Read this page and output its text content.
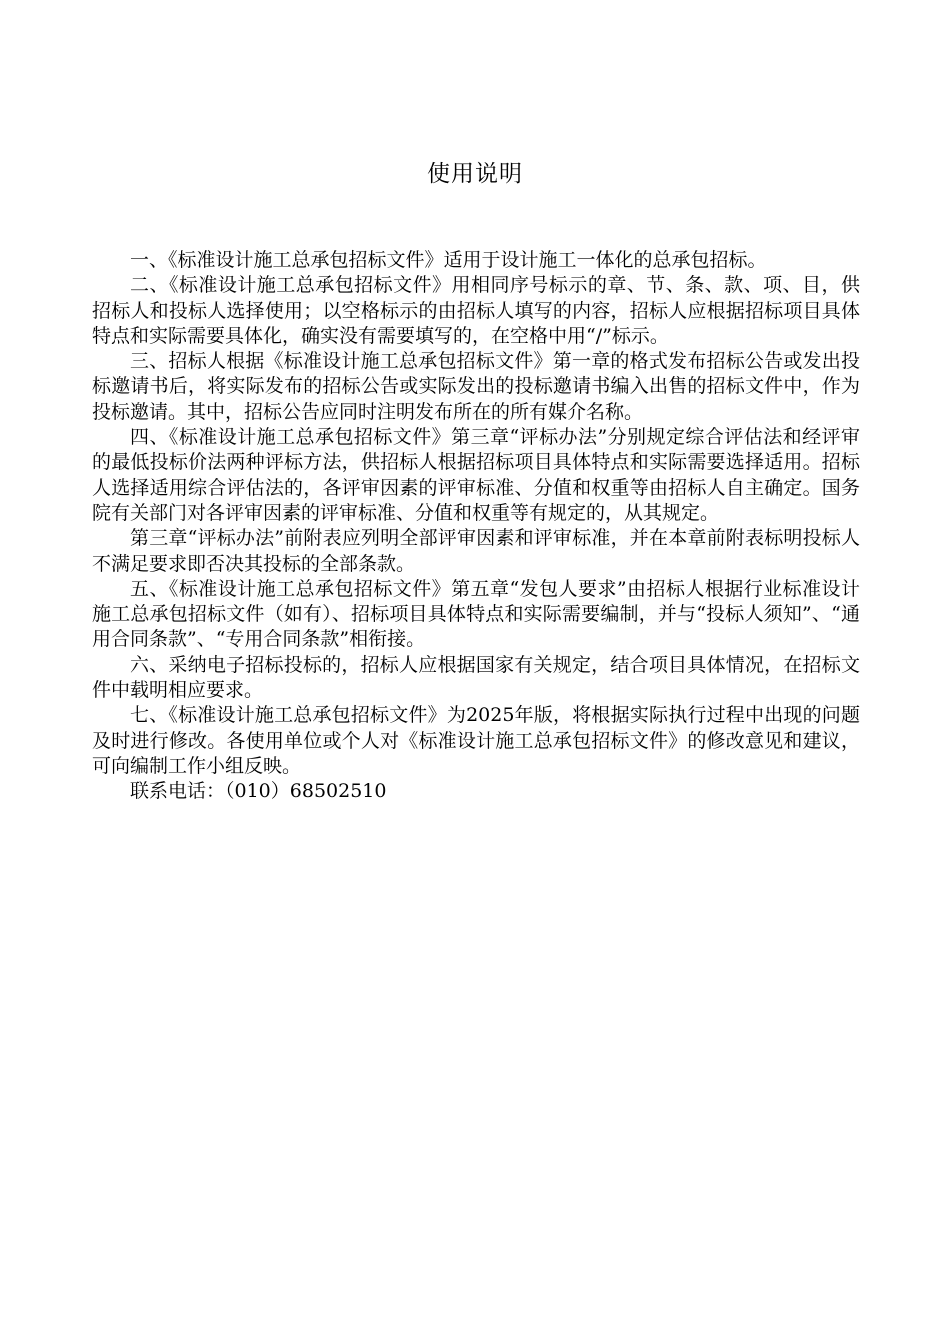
使用说明

一、《标准设计施工总承包招标文件》适用于设计施工一体化的总承包招标。

二、《标准设计施工总承包招标文件》用相同序号标示的章、节、条、款、项、目，供招标人和投标人选择使用；以空格标示的由招标人填写的内容，招标人应根据招标项目具体特点和实际需要具体化，确实没有需要填写的，在空格中用“/”标示。

三、招标人根据《标准设计施工总承包招标文件》第一章的格式发布招标公告或发出投标邀请书后，将实际发布的招标公告或实际发出的投标邀请书编入出售的招标文件中，作为投标邀请。其中，招标公告应同时注明发布所在的所有媒介名称。

四、《标准设计施工总承包招标文件》第三章“评标办法”分别规定综合评估法和经评审的最低投标价法两种评标方法，供招标人根据招标项目具体特点和实际需要选择适用。招标人选择适用综合评估法的，各评审因素的评审标准、分值和权重等由招标人自主确定。国务院有关部门对各评审因素的评审标准、分值和权重等有规定的，从其规定。

第三章“评标办法”前附表应列明全部评审因素和评审标准，并在本章前附表标明投标人不满足要求即否决其投标的全部条款。

五、《标准设计施工总承包招标文件》第五章“发包人要求”由招标人根据行业标准设计施工总承包招标文件（如有）、招标项目具体特点和实际需要编制，并与“投标人须知”、“通用合同条款”、“专用合同条款”相衔接。

六、采纳电子招标投标的，招标人应根据国家有关规定，结合项目具体情况，在招标文件中载明相应要求。

七、《标准设计施工总承包招标文件》为2025年版，将根据实际执行过程中出现的问题及时进行修改。各使用单位或个人对《标准设计施工总承包招标文件》的修改意见和建议，可向编制工作小组反映。

联系电话：（010）68502510
